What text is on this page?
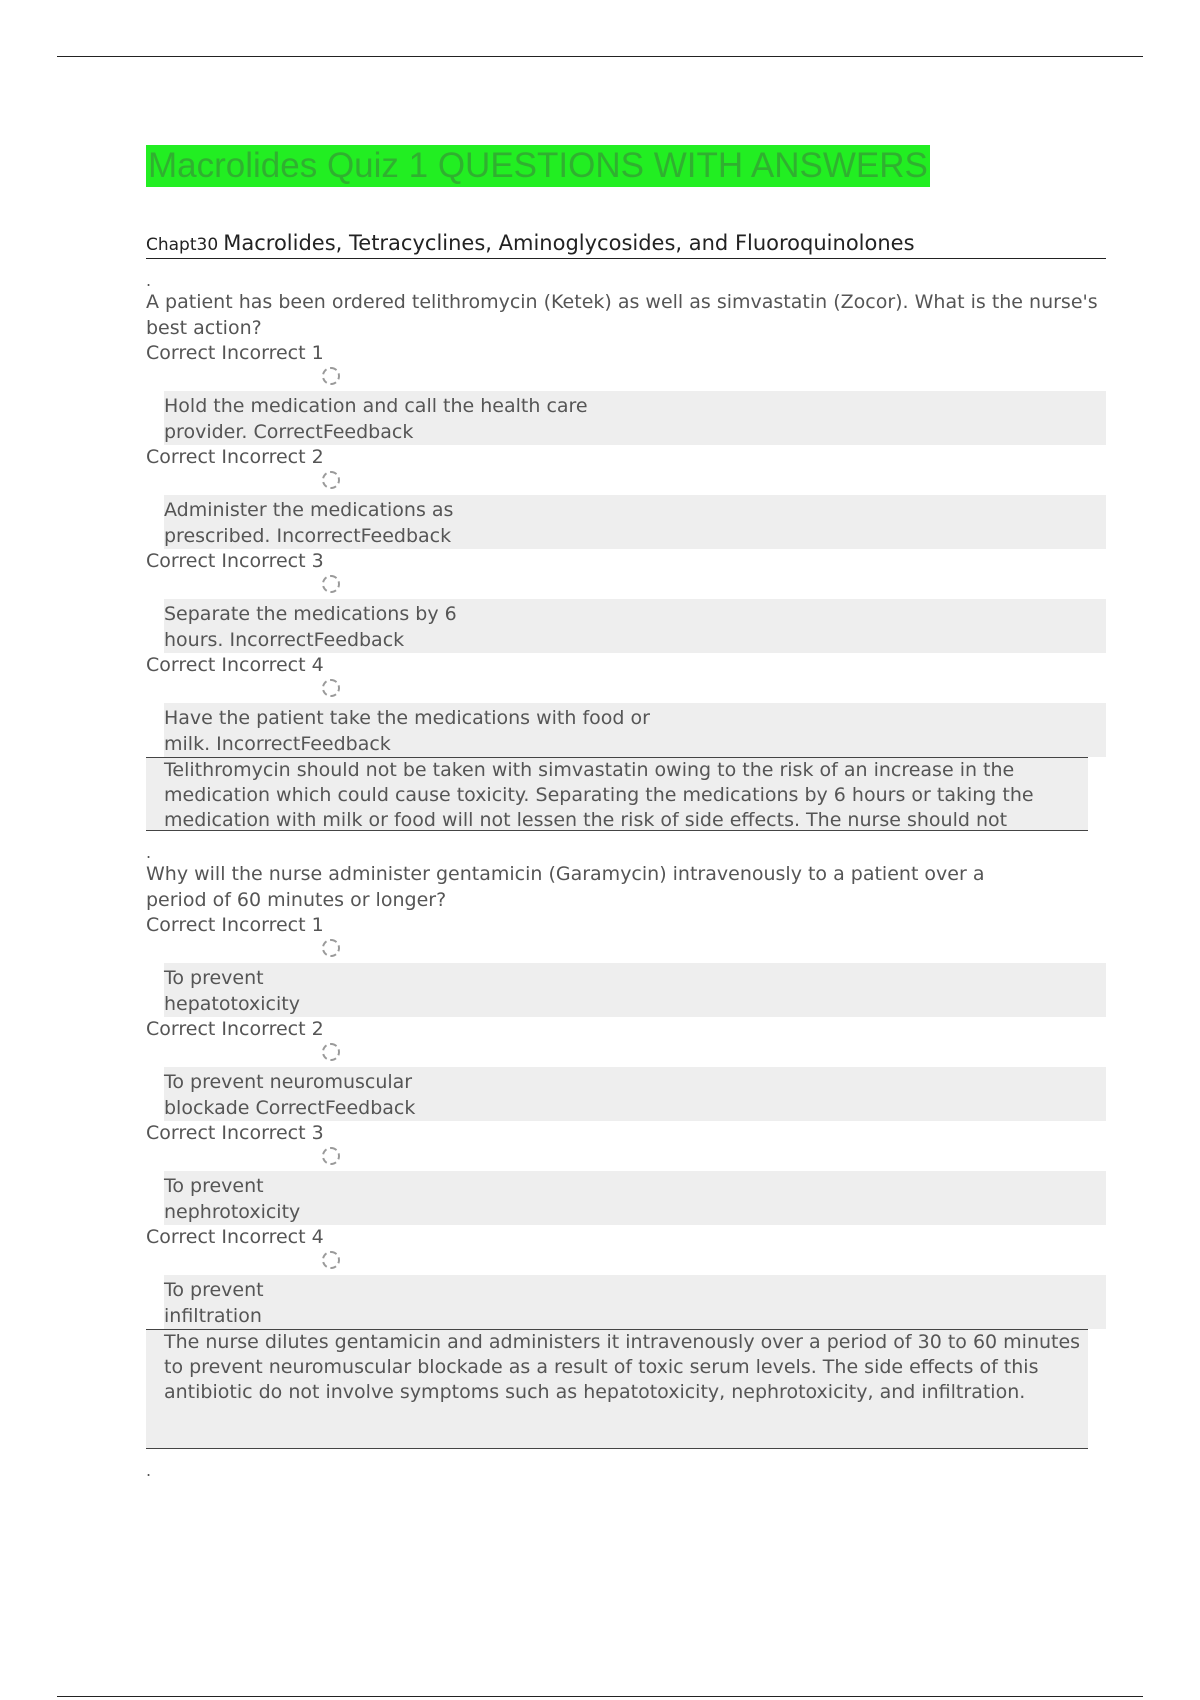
Macrolides Quiz 1 QUESTIONS WITH ANSWERS
Chapt30 Macrolides, Tetracyclines, Aminoglycosides, and Fluoroquinolones
.

A patient has been ordered telithromycin (Ketek) as well as simvastatin (Zocor). What is the nurse's best action?

Correct Incorrect 1
Hold the medication and call the health care provider. CorrectFeedback
Correct Incorrect 2
Administer the medications as prescribed. IncorrectFeedback
Correct Incorrect 3
Separate the medications by 6 hours. IncorrectFeedback
Correct Incorrect 4
Have the patient take the medications with food or milk. IncorrectFeedback
Telithromycin should not be taken with simvastatin owing to the risk of an increase in the medication which could cause toxicity. Separating the medications by 6 hours or taking the medication with milk or food will not lessen the risk of side effects. The nurse should not
.

Why will the nurse administer gentamicin (Garamycin) intravenously to a patient over a period of 60 minutes or longer?

Correct Incorrect 1
To prevent hepatotoxicity
Correct Incorrect 2
To prevent neuromuscular blockade CorrectFeedback
Correct Incorrect 3
To prevent nephrotoxicity
Correct Incorrect 4
To prevent infiltration
The nurse dilutes gentamicin and administers it intravenously over a period of 30 to 60 minutes to prevent neuromuscular blockade as a result of toxic serum levels. The side effects of this antibiotic do not involve symptoms such as hepatotoxicity, nephrotoxicity, and infiltration.
.
